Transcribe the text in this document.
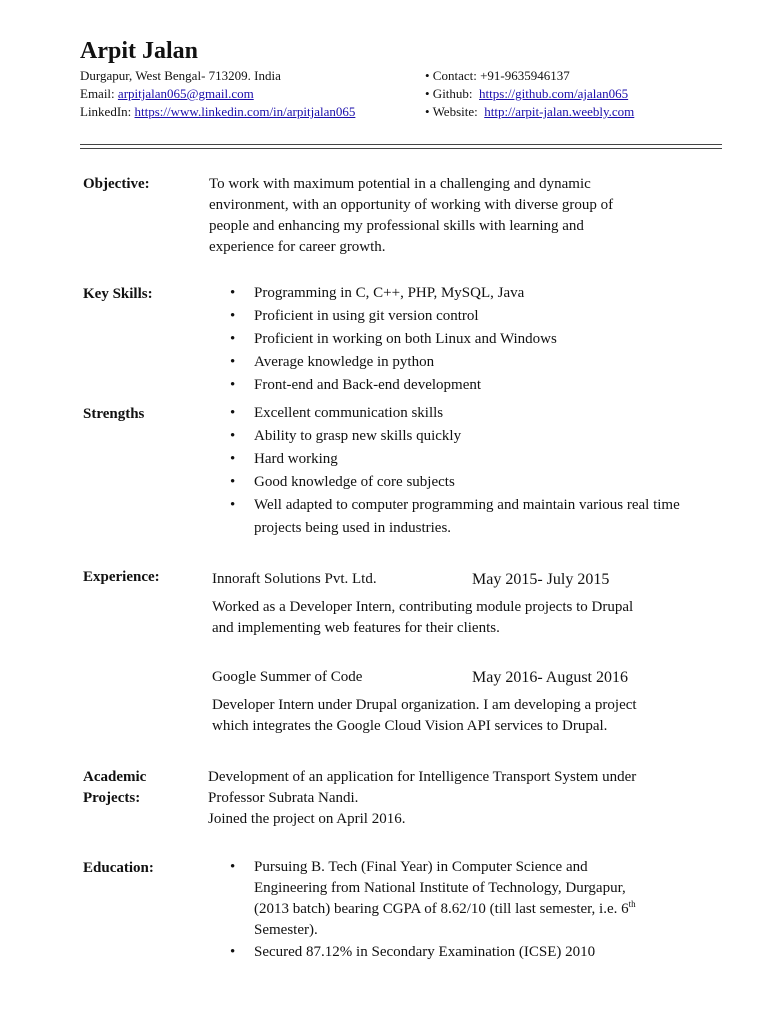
Arpit Jalan
Durgapur, West Bengal- 713209. India
Email: arpitjalan065@gmail.com
LinkedIn: https://www.linkedin.com/in/arpitjalan065
• Contact: +91-9635946137
• Github:  https://github.com/ajalan065
• Website:  http://arpit-jalan.weebly.com
Objective:	To work with maximum potential in a challenging and dynamic
environment, with an opportunity of working with diverse group of
people and enhancing my professional skills with learning and
experience for career growth.
Key Skills:	• Programming in C, C++, PHP, MySQL, Java
• Proficient in using git version control
• Proficient in working on both Linux and Windows
• Average knowledge in python
• Front-end and Back-end development
Strengths	• Excellent communication skills
• Ability to grasp new skills quickly
• Hard working
• Good knowledge of core subjects
• Well adapted to computer programming and maintain various real time projects being used in industries.
Experience:	Innoraft Solutions Pvt. Ltd.	May 2015- July 2015
Worked as a Developer Intern, contributing module projects to Drupal
and implementing web features for their clients.
Google Summer of Code	May 2016- August 2016
Developer Intern under Drupal organization. I am developing a project
which integrates the Google Cloud Vision API services to Drupal.
Academic
Projects:
Development of an application for Intelligence Transport System under
Professor Subrata Nandi.
Joined the project on April 2016.
Education:	• Pursuing B. Tech (Final Year) in Computer Science and
Engineering from National Institute of Technology, Durgapur,
(2013 batch) bearing CGPA of 8.62/10 (till last semester, i.e. 6th
Semester).
• Secured 87.12% in Secondary Examination (ICSE) 2010
